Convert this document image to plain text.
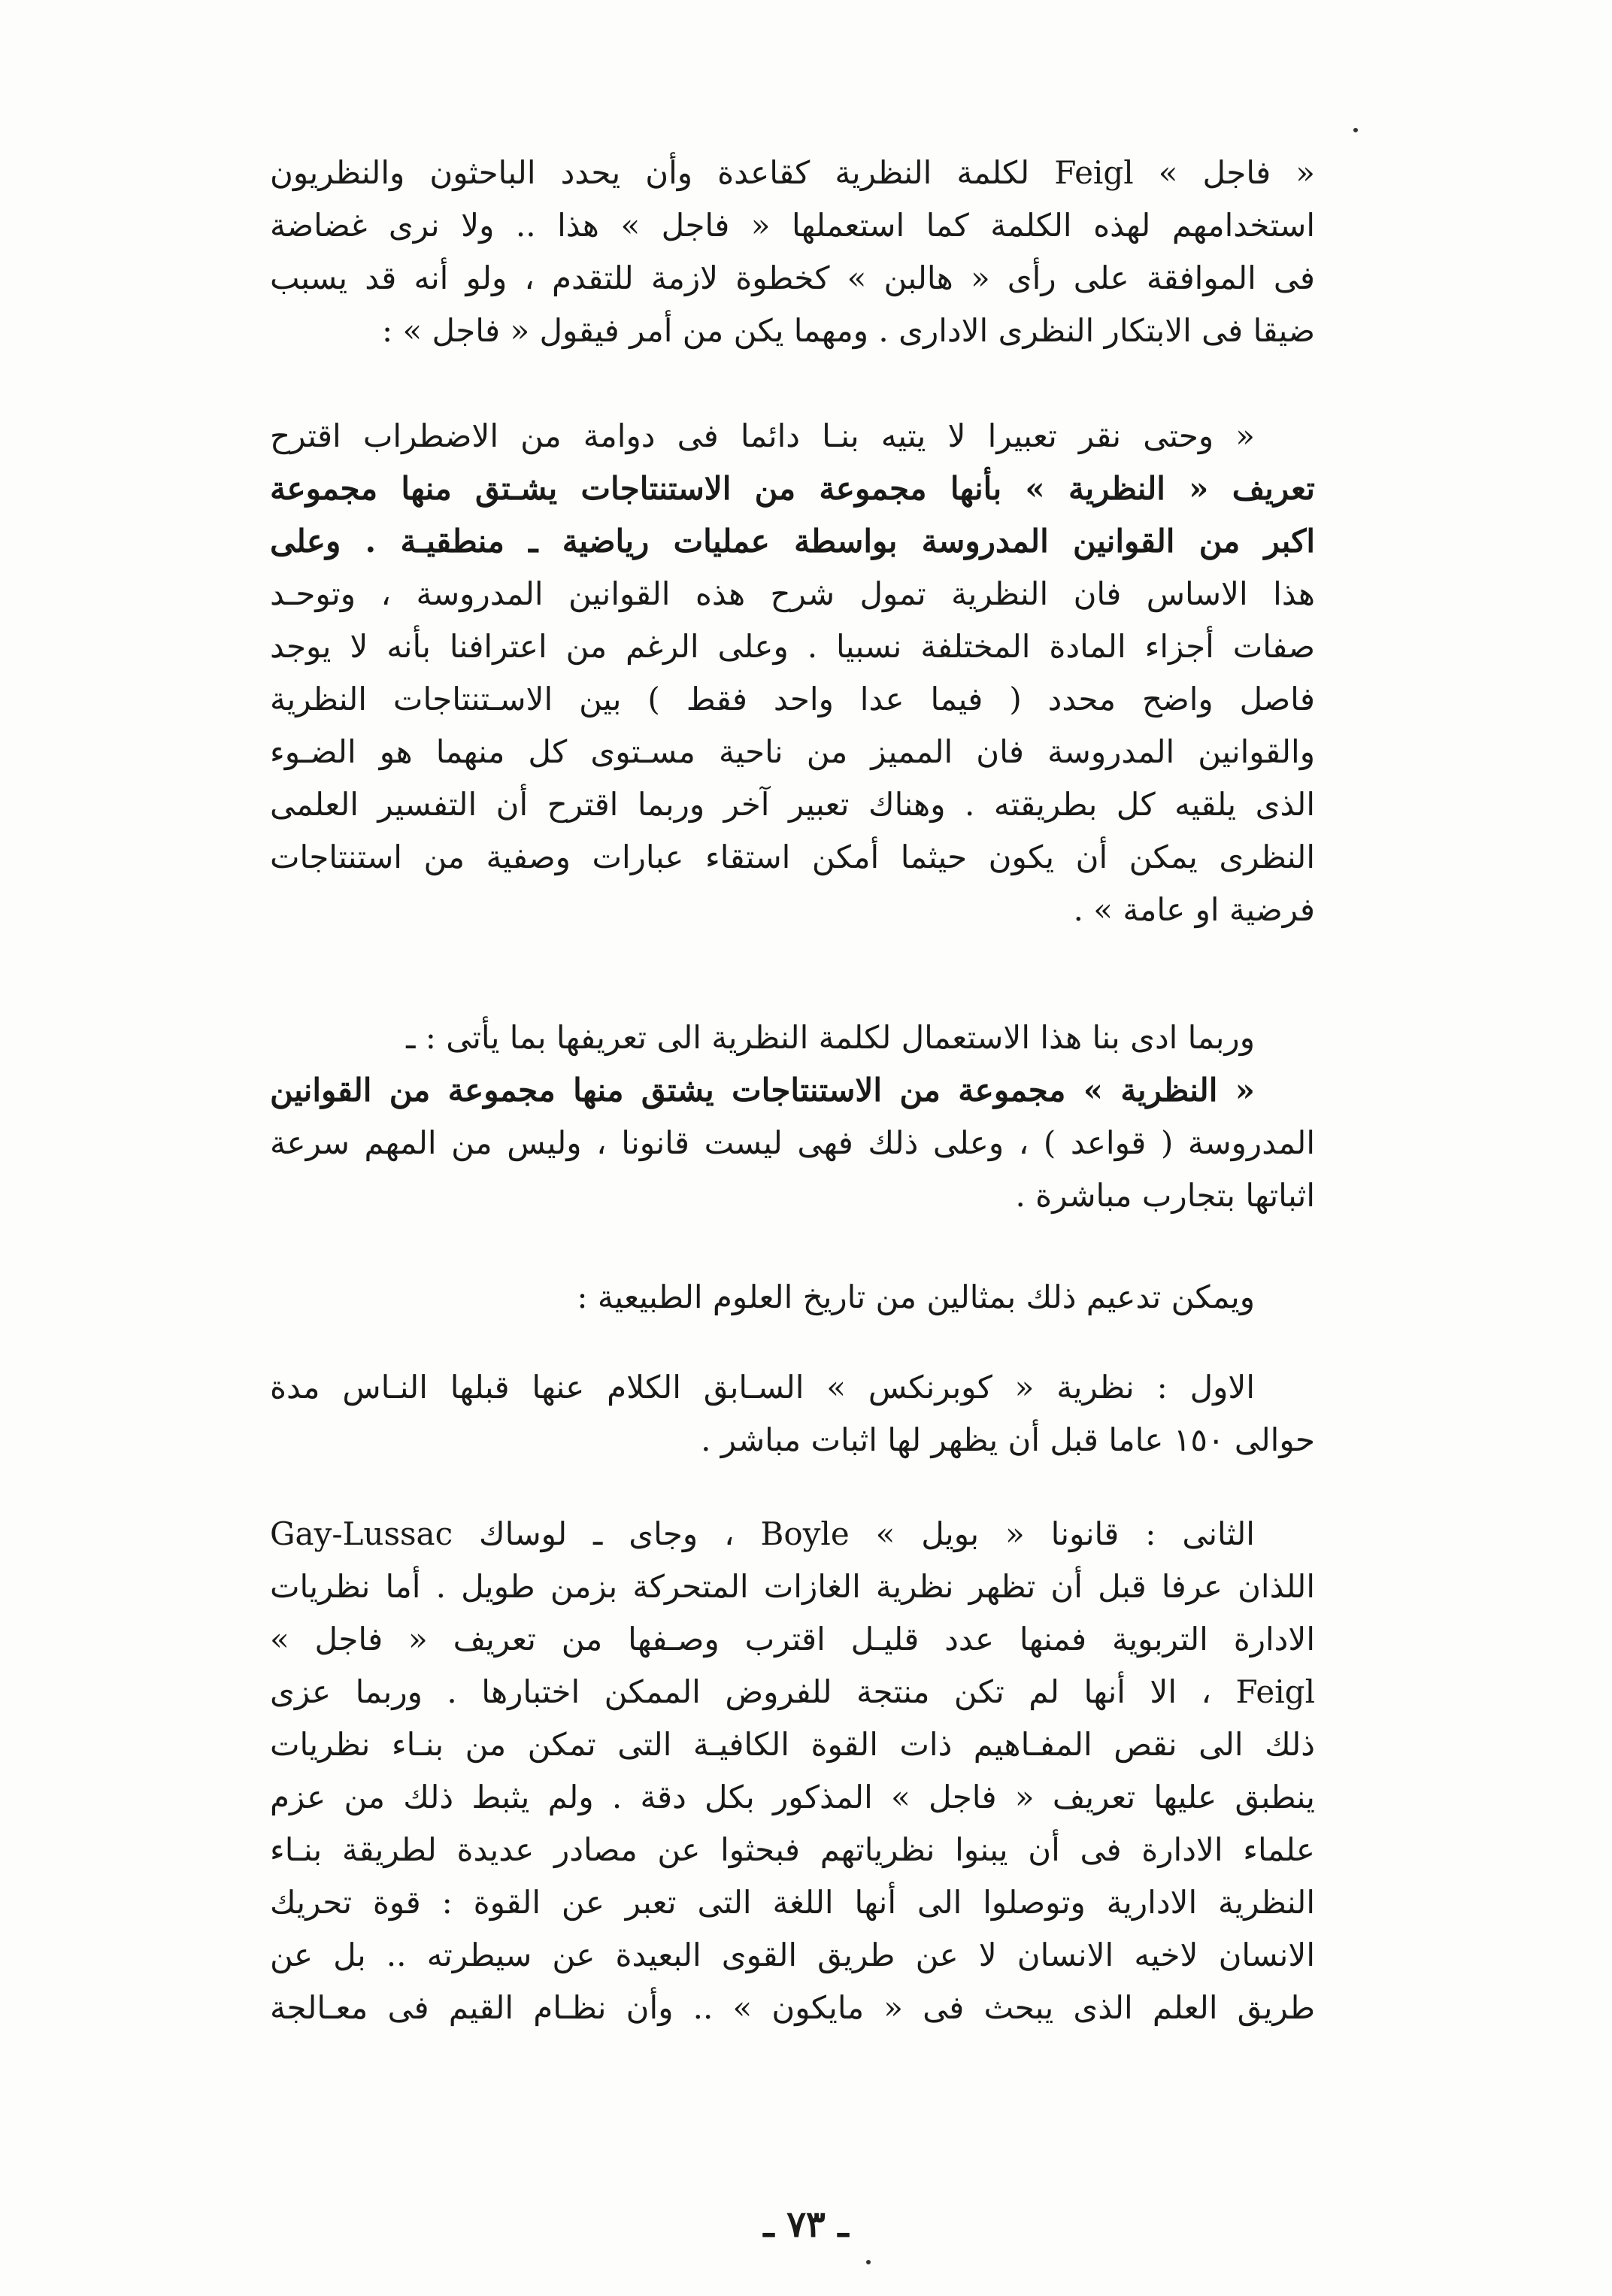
« فاجل » Feigl لكلمة النظرية كقاعدة وأن يحدد الباحثون والنظريون
استخدامهم لهذه الكلمة كما استعملها « فاجل » هذا .. ولا نرى غضاضة
فى الموافقة على رأى « هالبن » كخطوة لازمة للتقدم ، ولو أنه قد يسبب
ضيقا فى الابتكار النظرى الادارى . ومهما يكن من أمر فيقول « فاجل » :
« وحتى نقر تعبيرا لا يتيه بنـا دائما فى دوامة من الاضطراب اقترح
تعريف « النظرية » بأنها مجموعة من الاستنتاجات يشـتق منها مجموعة
اكبر من القوانين المدروسة بواسطة عمليات رياضية ـ منطقيـة . وعلى
هذا الاساس فان النظرية تمول شرح هذه القوانين المدروسة ، وتوحـد
صفات أجزاء المادة المختلفة نسبيا . وعلى الرغم من اعترافنا بأنه لا يوجد
فاصل واضح محدد ( فيما عدا واحد فقط ) بين الاسـتنتاجات النظرية
والقوانين المدروسة فان المميز من ناحية مسـتوى كل منهما هو الضـوء
الذى يلقيه كل بطريقته . وهناك تعبير آخر وربما اقترح أن التفسير العلمى
النظرى يمكن أن يكون حيثما أمكن استقاء عبارات وصفية من استنتاجات
فرضية او عامة » .
وربما ادى بنا هذا الاستعمال لكلمة النظرية الى تعريفها بما يأتى : ـ
« النظرية » مجموعة من الاستنتاجات يشتق منها مجموعة من القوانين
المدروسة ( قواعد ) ، وعلى ذلك فهى ليست قانونا ، وليس من المهم سرعة
اثباتها بتجارب مباشرة .
ويمكن تدعيم ذلك بمثالين من تاريخ العلوم الطبيعية :
الاول : نظرية « كوبرنكس » السـابق الكلام عنها قبلها النـاس مدة
حوالى ١٥٠ عاما قبل أن يظهر لها اثبات مباشر .
الثانى : قانونا « بويل » Boyle ، وجاى ـ لوساك Gay-Lussac
اللذان عرفا قبل أن تظهر نظرية الغازات المتحركة بزمن طويل . أما نظريات
الادارة التربوية فمنها عدد قليـل اقترب وصـفها من تعريف « فاجل »
Feigl ، الا أنها لم تكن منتجة للفروض الممكن اختبارها . وربما عزى
ذلك الى نقص المفـاهيم ذات القوة الكافيـة التى تمكن من بنـاء نظريات
ينطبق عليها تعريف « فاجل » المذكور بكل دقة . ولم يثبط ذلك من عزم
علماء الادارة فى أن يبنوا نظرياتهم فبحثوا عن مصادر عديدة لطريقة بنـاء
النظرية الادارية وتوصلوا الى أنها اللغة التى تعبر عن القوة : قوة تحريك
الانسان لاخيه الانسان لا عن طريق القوى البعيدة عن سيطرته .. بل عن
طريق العلم الذى يبحث فى « مايكون » .. وأن نظـام القيم فى معـالجة
ـ ٧٣ ـ
